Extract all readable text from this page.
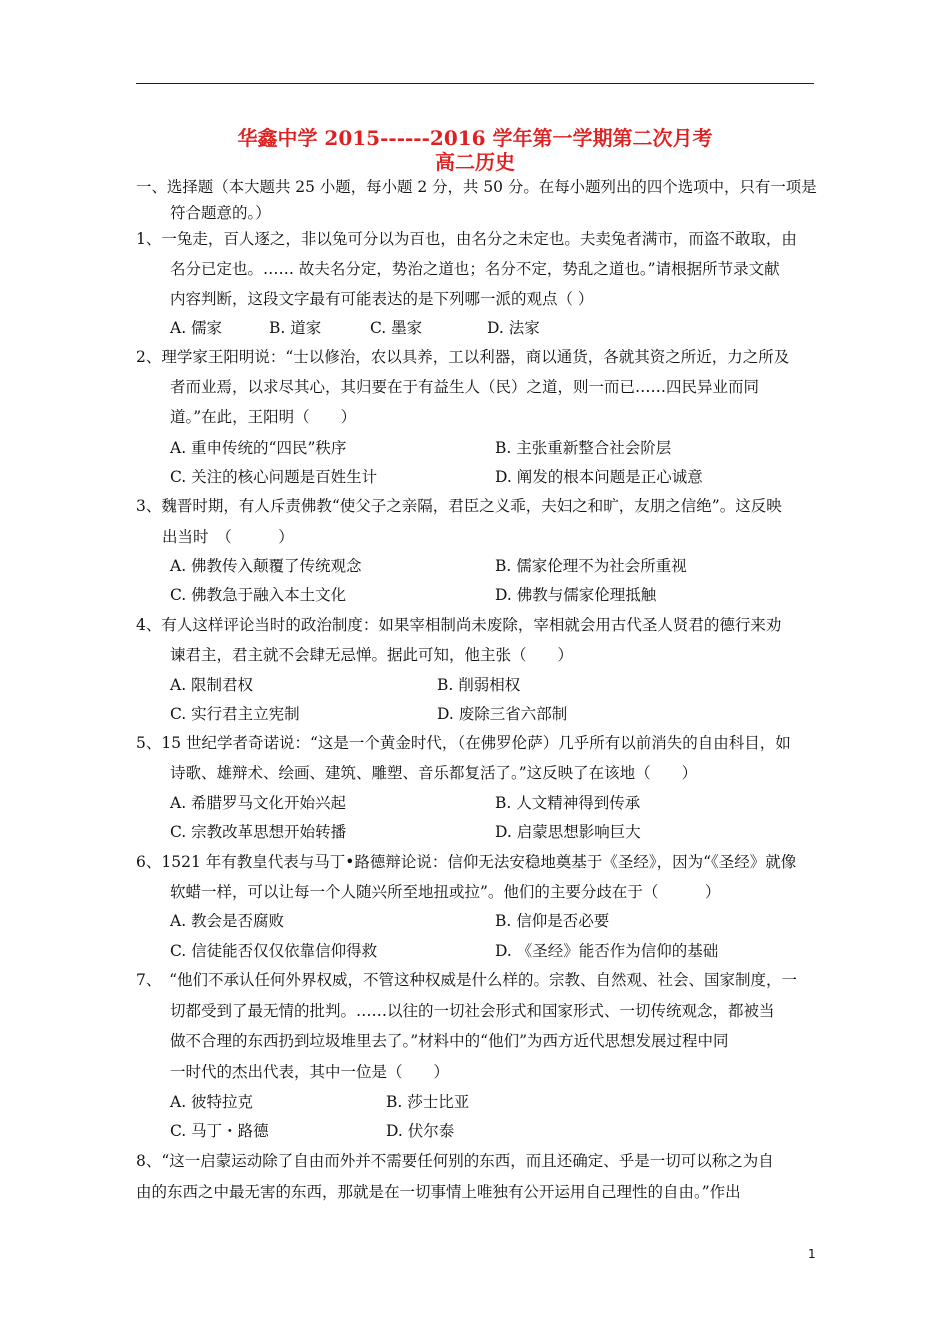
华鑫中学 2015------2016 学年第一学期第二次月考
高二历史
一、选择题（本大题共 25 小题，每小题 2 分，共 50 分。在每小题列出的四个选项中，只有一项是
符合题意的。）
1、一兔走，百人逐之，非以兔可分以为百也，由名分之未定也。夫卖兔者满市，而盗不敢取，由
名分已定也。…… 故夫名分定，势治之道也；名分不定，势乱之道也。”请根据所节录文献
内容判断，这段文字最有可能表达的是下列哪一派的观点（ ）
A. 儒家	B. 道家	C. 墨家	D. 法家
2、理学家王阳明说：“士以修治，农以具养，工以利器，商以通货，各就其资之所近，力之所及
者而业焉，以求尽其心，其归要在于有益生人（民）之道，则一而已……四民异业而同
道。”在此，王阳明（　　）
A. 重申传统的“四民”秩序	B. 主张重新整合社会阶层
C. 关注的核心问题是百姓生计	D. 阐发的根本问题是正心诚意
3、魏晋时期，有人斥责佛教“使父子之亲隔，君臣之义乖，夫妇之和旷，友朋之信绝”。这反映
出当时　（　　　）
A. 佛教传入颠覆了传统观念	B. 儒家伦理不为社会所重视
C. 佛教急于融入本土文化	D. 佛教与儒家伦理抵触
4、有人这样评论当时的政治制度：如果宰相制尚未废除，宰相就会用古代圣人贤君的德行来劝
谏君主，君主就不会肆无忌惮。据此可知，他主张（　　）
A. 限制君权	B. 削弱相权
C. 实行君主立宪制	D. 废除三省六部制
5、15 世纪学者奇诺说：“这是一个黄金时代，（在佛罗伦萨）几乎所有以前消失的自由科目，如
诗歌、雄辩术、绘画、建筑、雕塑、音乐都复活了。”这反映了在该地（　　）
A. 希腊罗马文化开始兴起	B. 人文精神得到传承
C. 宗教改革思想开始转播	D. 启蒙思想影响巨大
6、1521 年有教皇代表与马丁•路德辩论说：信仰无法安稳地奠基于《圣经》，因为“《圣经》就像
软蜡一样，可以让每一个人随兴所至地扭或拉”。他们的主要分歧在于（　　　）
A. 教会是否腐败	B. 信仰是否必要
C. 信徒能否仅仅依靠信仰得救	D. 《圣经》能否作为信仰的基础
7、　“他们不承认任何外界权威，不管这种权威是什么样的。宗教、自然观、社会、国家制度，一
切都受到了最无情的批判。……以往的一切社会形式和国家形式、一切传统观念，都被当
做不合理的东西扔到垃圾堆里去了。”材料中的“他们”为西方近代思想发展过程中同
一时代的杰出代表，其中一位是（　　）
A. 彼特拉克	B. 莎士比亚
C. 马丁・路德	D. 伏尔泰
8、“这一启蒙运动除了自由而外并不需要任何别的东西，而且还确定、乎是一切可以称之为自
由的东西之中最无害的东西，那就是在一切事情上唯独有公开运用自己理性的自由。”作出
1
